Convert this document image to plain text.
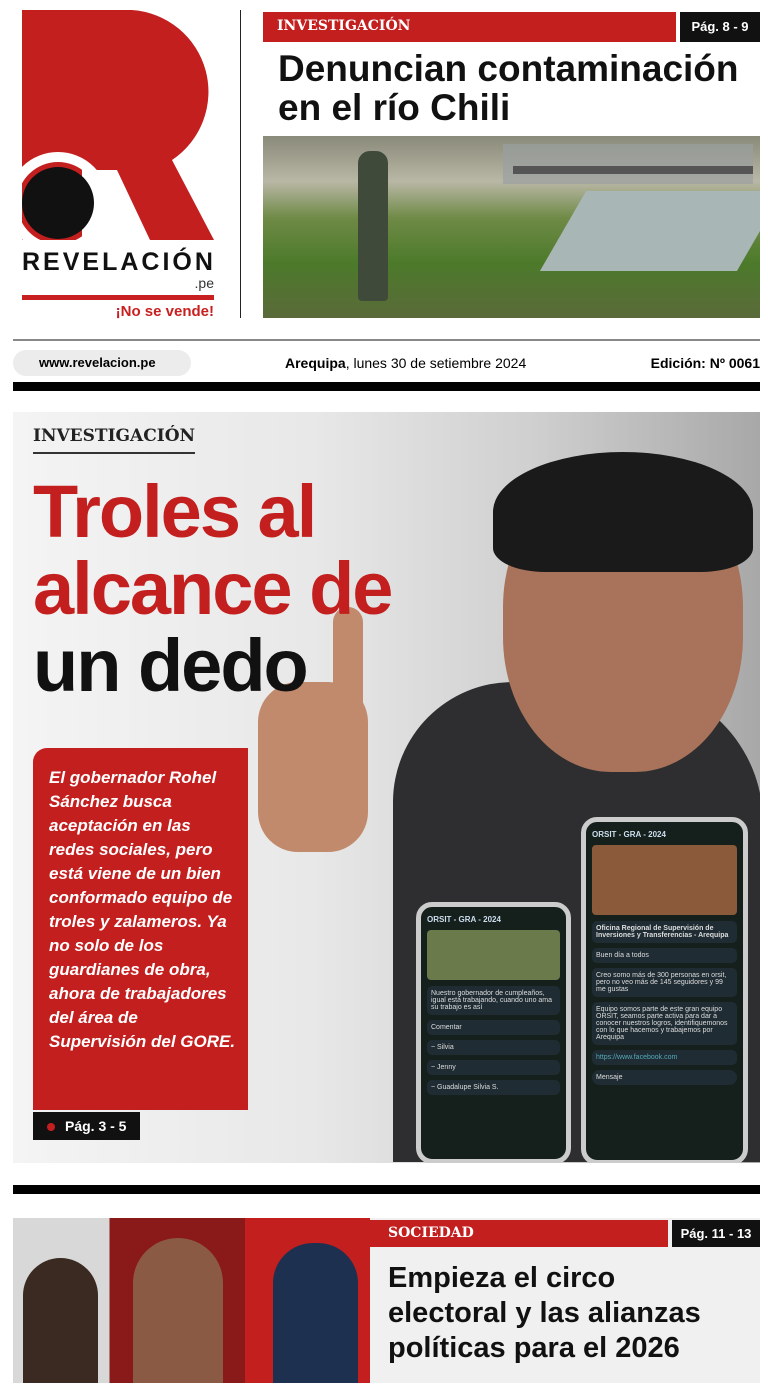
REVELACIÓN
.pe
¡No se vende!
INVESTIGACIÓN	Pág. 8 - 9
Denuncian contaminación
en el río Chili
www.revelacion.pe	Arequipa, lunes 30 de setiembre 2024	Edición: Nº 0061
ORSIT - GRA - 2024
Nuestro gobernador de cumpleaños, igual está trabajando, cuando uno ama su trabajo es así
Comentar
~ Silvia
~ Jenny
~ Guadalupe Silvia S.
ORSIT - GRA - 2024
Oficina Regional de Supervisión de Inversiones y Transferencias - Arequipa
Buen día a todos
Creo somo más de 300 personas en orsit, pero no veo más de 145 seguidores y 99 me gustas
Equipo somos parte de este gran equipo ORSIT, seamos parte activa para dar a conocer nuestros logros, identifiquemonos con lo que hacemos y trabajemos por Arequipa
https://www.facebook.com
Mensaje
INVESTIGACIÓN
Troles al
alcance de
un dedo
El gobernador Rohel Sánchez busca aceptación en las redes sociales, pero está viene de un bien conformado equipo de troles y zalameros. Ya no solo de los guardianes de obra, ahora de trabajadores del área de Supervisión del GORE.
Pág. 3 - 5
SOCIEDAD	Pág. 11 - 13
Empieza el circo
electoral y las alianzas
políticas para el 2026
